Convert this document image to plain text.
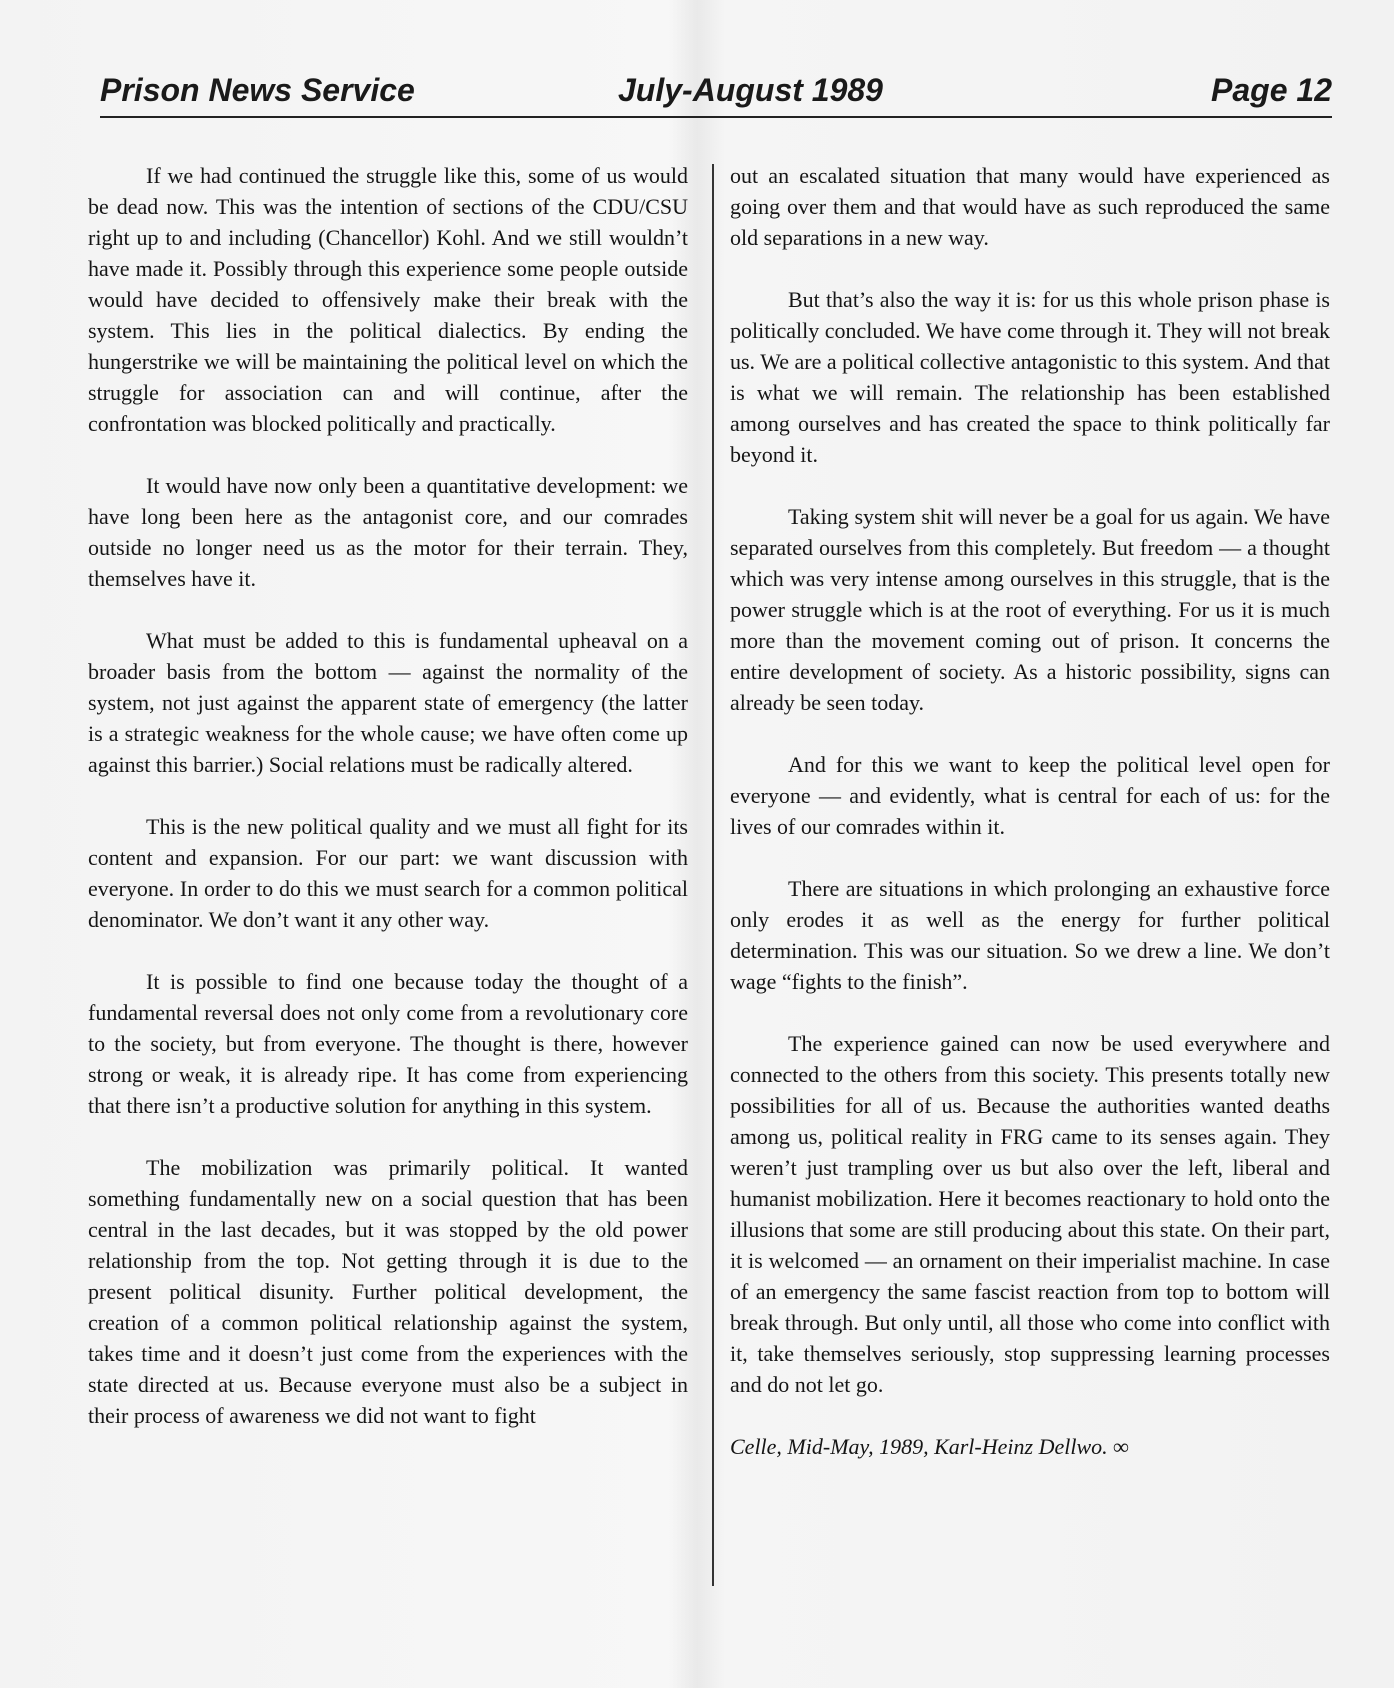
Prison News Service	July-August 1989	Page 12

If we had continued the struggle like this, some of us would be dead now. This was the intention of sections of the CDU/CSU right up to and including (Chancellor) Kohl. And we still wouldn’t have made it. Possibly through this experience some people outside would have decided to offensively make their break with the system. This lies in the political dialectics. By ending the hungerstrike we will be maintaining the political level on which the struggle for association can and will continue, after the confrontation was blocked politically and practically.

It would have now only been a quantitative development: we have long been here as the antagonist core, and our comrades outside no longer need us as the motor for their terrain. They, themselves have it.

What must be added to this is fundamental upheaval on a broader basis from the bottom — against the normality of the system, not just against the apparent state of emergency (the latter is a strategic weakness for the whole cause; we have often come up against this barrier.) Social relations must be radically altered.

This is the new political quality and we must all fight for its content and expansion. For our part: we want discussion with everyone. In order to do this we must search for a common political denominator. We don’t want it any other way.

It is possible to find one because today the thought of a fundamental reversal does not only come from a revolutionary core to the society, but from everyone. The thought is there, however strong or weak, it is already ripe. It has come from experiencing that there isn’t a productive solution for anything in this system.

The mobilization was primarily political. It wanted something fundamentally new on a social question that has been central in the last decades, but it was stopped by the old power relationship from the top. Not getting through it is due to the present political disunity. Further political development, the creation of a common political relationship against the system, takes time and it doesn’t just come from the experiences with the state directed at us. Because everyone must also be a subject in their process of awareness we did not want to fight

out an escalated situation that many would have experienced as going over them and that would have as such reproduced the same old separations in a new way.

But that’s also the way it is: for us this whole prison phase is politically concluded. We have come through it. They will not break us. We are a political collective antagonistic to this system. And that is what we will remain. The relationship has been established among ourselves and has created the space to think politically far beyond it.

Taking system shit will never be a goal for us again. We have separated ourselves from this completely. But freedom — a thought which was very intense among ourselves in this struggle, that is the power struggle which is at the root of everything. For us it is much more than the movement coming out of prison. It concerns the entire development of society. As a historic possibility, signs can already be seen today.

And for this we want to keep the political level open for everyone — and evidently, what is central for each of us: for the lives of our comrades within it.

There are situations in which prolonging an exhaustive force only erodes it as well as the energy for further political determination. This was our situation. So we drew a line. We don’t wage “fights to the finish”.

The experience gained can now be used everywhere and connected to the others from this society. This presents totally new possibilities for all of us. Because the authorities wanted deaths among us, political reality in FRG came to its senses again. They weren’t just trampling over us but also over the left, liberal and humanist mobilization. Here it becomes reactionary to hold onto the illusions that some are still producing about this state. On their part, it is welcomed — an ornament on their imperialist machine. In case of an emergency the same fascist reaction from top to bottom will break through. But only until, all those who come into conflict with it, take themselves seriously, stop suppressing learning processes and do not let go.

Celle, Mid-May, 1989, Karl-Heinz Dellwo. ∞
